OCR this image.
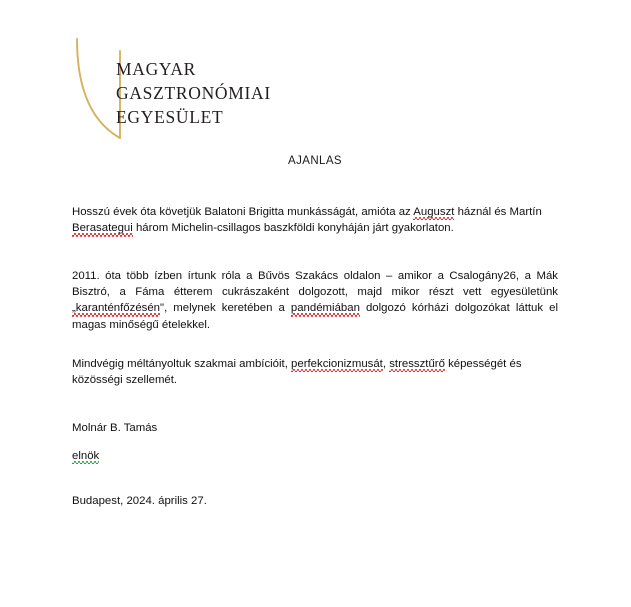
MAGYAR
GASZTRONÓMIAI
EGYESÜLET
AJANLAS
Hosszú évek óta követjük Balatoni Brigitta munkásságát, amióta az Auguszt háznál és Martín Berasategui három Michelin-csillagos baszkföldi konyháján járt gyakorlaton.
2011. óta több ízben írtunk róla a Bűvös Szakács oldalon – amikor a Csalogány26, a Mák Bisztró, a Fáma étterem cukrászaként dolgozott, majd mikor részt vett egyesületünk „karanténfőzésén", melynek keretében a pandémiában dolgozó kórházi dolgozókat láttuk el magas minőségű ételekkel.
Mindvégig méltányoltuk szakmai ambícióit, perfekcionizmusát, stressztűrő képességét és közösségi szellemét.
Molnár B. Tamás
elnök
Budapest, 2024. április 27.
